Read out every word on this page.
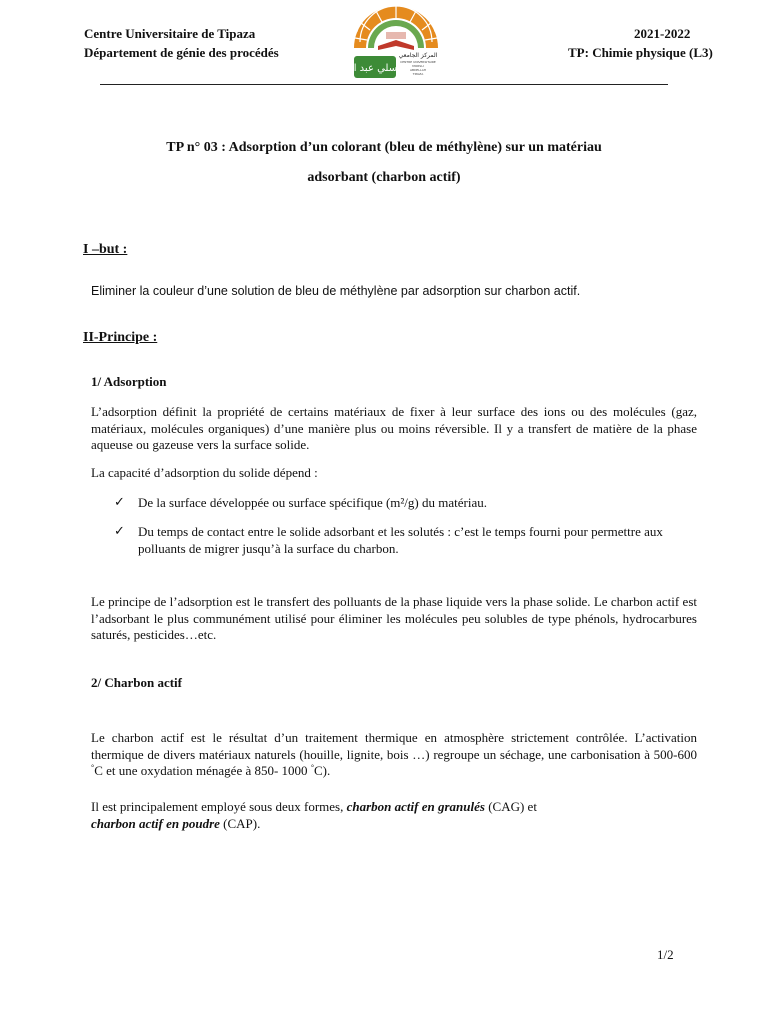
Centre Universitaire de Tipaza
Département de génie des procédés
2021-2022
TP: Chimie physique (L3)
مرسلي عبد الله
المركز الجامعي
CENTRE UNIVERSITAIRE
MORSLI
ABDELLAH
TIPAZA
TP n° 03 : Adsorption d’un colorant (bleu de méthylène) sur un matériau
adsorbant (charbon actif)
I –but :
Eliminer la couleur d’une solution de bleu de méthylène par adsorption sur charbon actif.
II-Principe :
1/ Adsorption
L’adsorption définit la propriété de certains matériaux de fixer à leur surface des ions ou des molécules (gaz, matériaux, molécules organiques) d’une manière plus ou moins réversible. Il y a transfert de matière de la phase aqueuse ou gazeuse vers la surface solide.
La capacité d’adsorption du solide dépend :
✓ De la surface développée ou surface spécifique (m²/g) du matériau.
✓ Du temps de contact entre le solide adsorbant et les solutés : c’est le temps fourni pour permettre aux polluants de migrer jusqu’à la surface du charbon.
Le principe de l’adsorption est le transfert des polluants de la phase liquide vers la phase solide. Le charbon actif est l’adsorbant le plus communément utilisé pour éliminer les molécules peu solubles de type phénols, hydrocarbures saturés, pesticides…etc.
2/ Charbon actif
Le charbon actif est le résultat d’un traitement thermique en atmosphère strictement contrôlée. L’activation thermique de divers matériaux naturels (houille, lignite, bois …) regroupe un séchage, une carbonisation à 500-600 °C et une oxydation ménagée à 850- 1000 °C).
Il est principalement employé sous deux formes, charbon actif en granulés (CAG) et
charbon actif en poudre (CAP).
1/2
